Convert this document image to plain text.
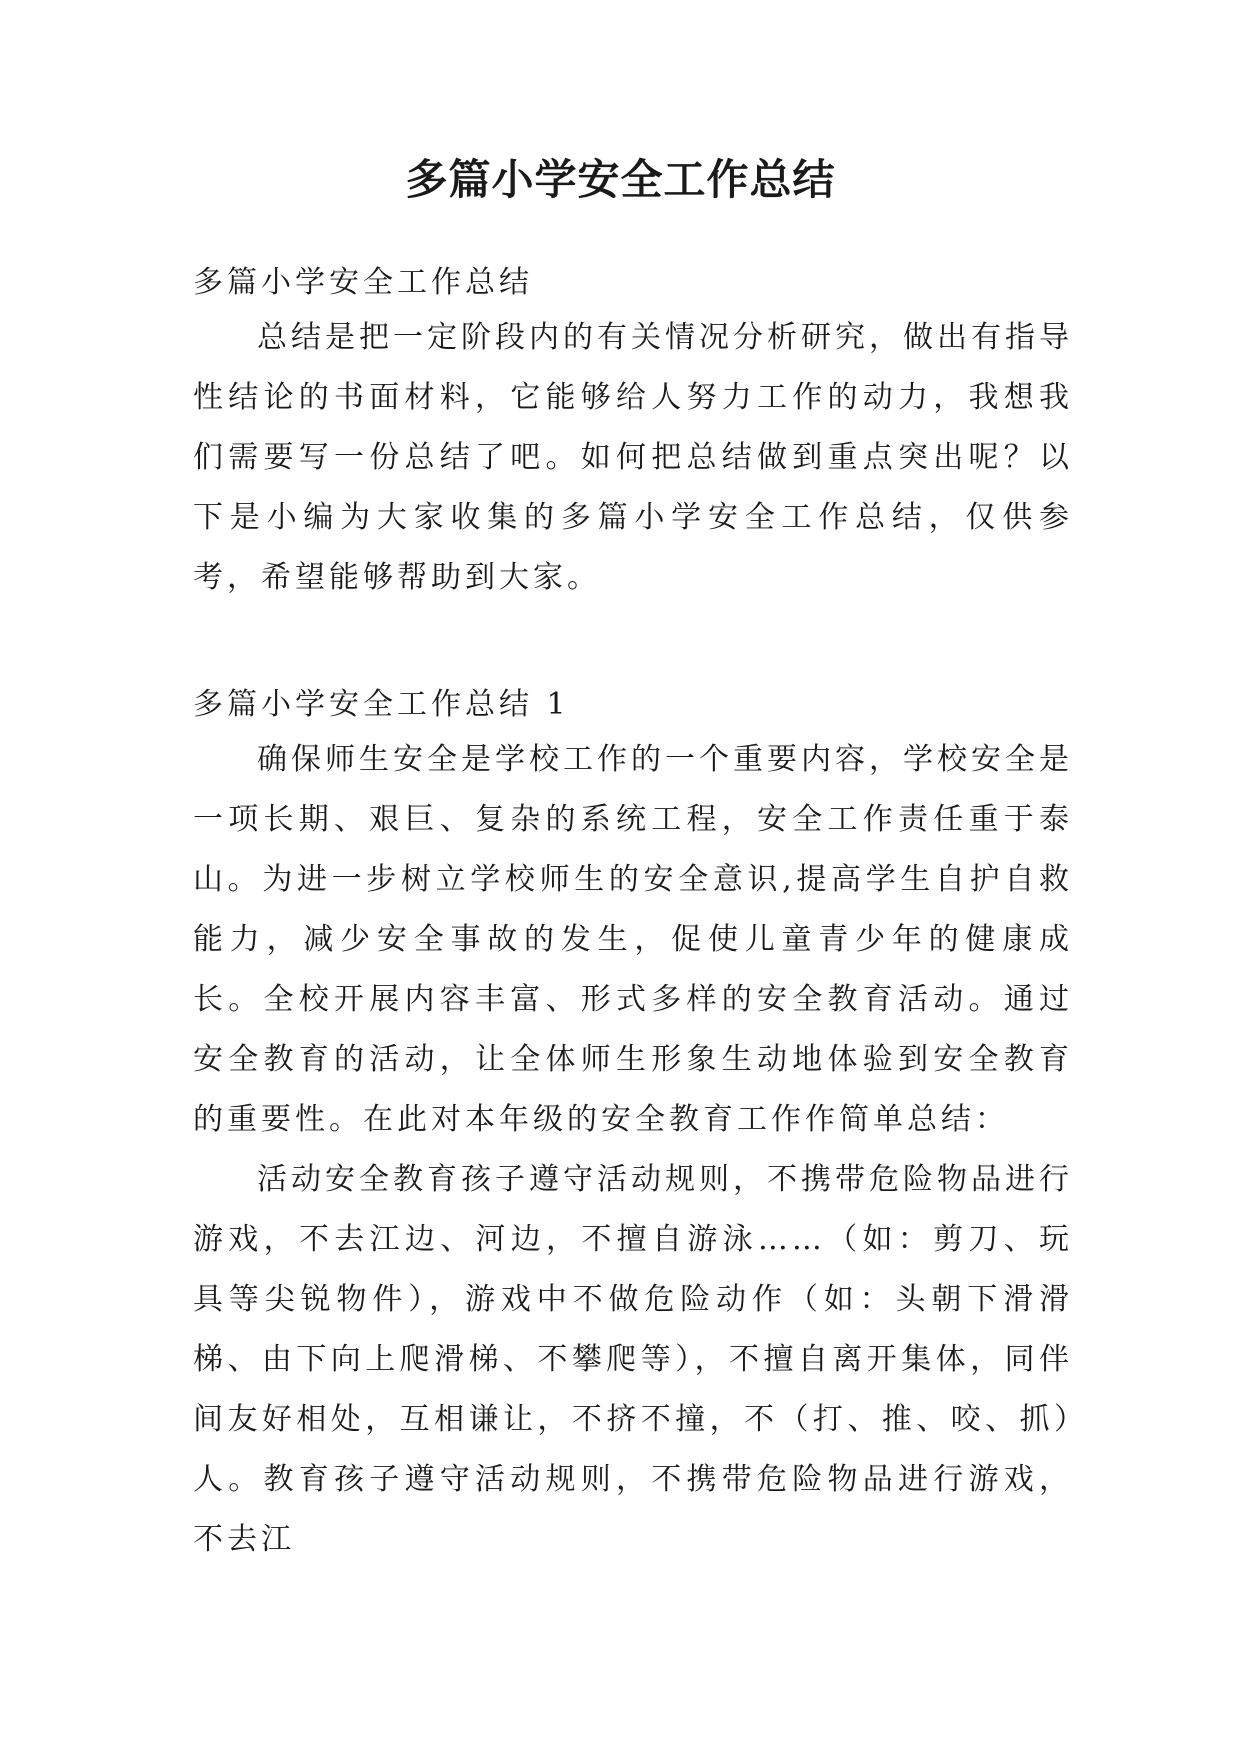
多篇小学安全工作总结
多篇小学安全工作总结

总结是把一定阶段内的有关情况分析研究，做出有指导性结论的书面材料，它能够给人努力工作的动力，我想我们需要写一份总结了吧。如何把总结做到重点突出呢？以下是小编为大家收集的多篇小学安全工作总结，仅供参考，希望能够帮助到大家。

多篇小学安全工作总结 1

确保师生安全是学校工作的一个重要内容，学校安全是一项长期、艰巨、复杂的系统工程，安全工作责任重于泰山。为进一步树立学校师生的安全意识,提高学生自护自救能力，减少安全事故的发生，促使儿童青少年的健康成长。全校开展内容丰富、形式多样的安全教育活动。通过安全教育的活动，让全体师生形象生动地体验到安全教育的重要性。在此对本年级的安全教育工作作简单总结：

活动安全教育孩子遵守活动规则，不携带危险物品进行游戏，不去江边、河边，不擅自游泳……（如：剪刀、玩具等尖锐物件），游戏中不做危险动作（如：头朝下滑滑梯、由下向上爬滑梯、不攀爬等），不擅自离开集体，同伴间友好相处，互相谦让，不挤不撞，不（打、推、咬、抓）人。教育孩子遵守活动规则，不携带危险物品进行游戏，不去江
